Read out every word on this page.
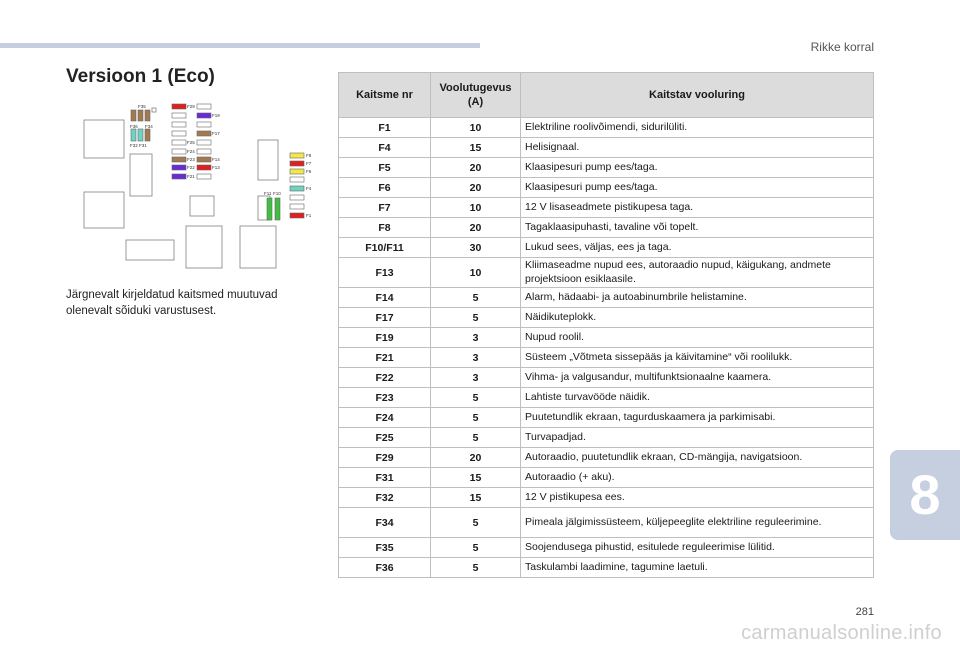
Rikke korral
Versioon 1 (Eco)
F29
F19
F17
F25
F24
F23	F14
F22	F13
F21
F35
F36 F34
F32 F31
F11 F10
F8
F7
F6
F4
F1
Järgnevalt kirjeldatud kaitsmed muutuvad olenevalt sõiduki varustusest.
Kaitsme nr	Voolutugevus (A)	Kaitstav vooluring
F1	10	Elektriline roolivõimendi, sidurilüliti.
F4	15	Helisignaal.
F5	20	Klaasipesuri pump ees/taga.
F6	20	Klaasipesuri pump ees/taga.
F7	10	12 V lisaseadmete pistikupesa taga.
F8	20	Tagaklaasipuhasti, tavaline või topelt.
F10/F11	30	Lukud sees, väljas, ees ja taga.
F13	10	Kliimaseadme nupud ees, autoraadio nupud, käigukang, andmete projektsioon esiklaasile.
F14	5	Alarm, hädaabi- ja autoabinumbrile helistamine.
F17	5	Näidikuteplokk.
F19	3	Nupud roolil.
F21	3	Süsteem „Võtmeta sissepääs ja käivitamine“ või roolilukk.
F22	3	Vihma- ja valgusandur, multifunktsionaalne kaamera.
F23	5	Lahtiste turvavööde näidik.
F24	5	Puutetundlik ekraan, tagurduskaamera ja parkimisabi.
F25	5	Turvapadjad.
F29	20	Autoraadio, puutetundlik ekraan, CD-mängija, navigatsioon.
F31	15	Autoraadio (+ aku).
F32	15	12 V pistikupesa ees.
F34	5	Pimeala jälgimissüsteem, küljepeeglite elektriline reguleerimine.
F35	5	Soojendusega pihustid, esitulede reguleerimise lülitid.
F36	5	Taskulambi laadimine, tagumine laetuli.
8
281
carmanualsonline.info
